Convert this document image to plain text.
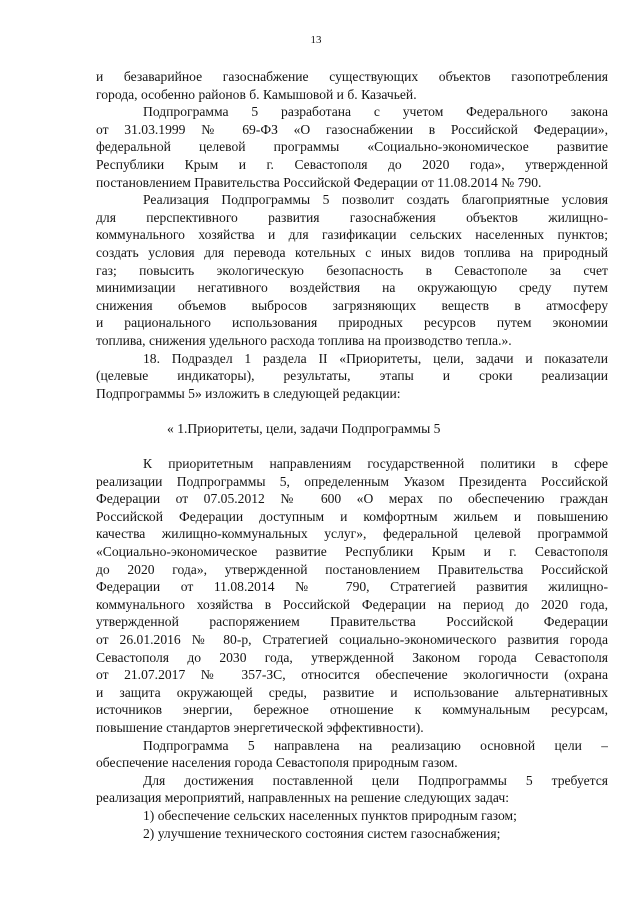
13
и безаварийное газоснабжение существующих объектов газопотребления
города, особенно районов б. Камышовой и б. Казачьей.
Подпрограмма 5 разработана с учетом Федерального закона
от 31.03.1999 № 69-ФЗ «О газоснабжении в Российской Федерации»,
федеральной целевой программы «Социально-экономическое развитие
Республики Крым и г. Севастополя до 2020 года», утвержденной
постановлением Правительства Российской Федерации от 11.08.2014 № 790.
Реализация Подпрограммы 5 позволит создать благоприятные условия
для перспективного развития газоснабжения объектов жилищно-
коммунального хозяйства и для газификации сельских населенных пунктов;
создать условия для перевода котельных с иных видов топлива на природный
газ; повысить экологическую безопасность в Севастополе за счет
минимизации негативного воздействия на окружающую среду путем
снижения объемов выбросов загрязняющих веществ в атмосферу
и рационального использования природных ресурсов путем экономии
топлива, снижения удельного расхода топлива на производство тепла.».
18. Подраздел 1 раздела II «Приоритеты, цели, задачи и показатели
(целевые индикаторы), результаты, этапы и сроки реализации
Подпрограммы 5» изложить в следующей редакции:
« 1.Приоритеты, цели, задачи Подпрограммы 5
К приоритетным направлениям государственной политики в сфере
реализации Подпрограммы 5, определенным Указом Президента Российской
Федерации от 07.05.2012 № 600 «О мерах по обеспечению граждан
Российской Федерации доступным и комфортным жильем и повышению
качества жилищно-коммунальных услуг», федеральной целевой программой
«Социально-экономическое развитие Республики Крым и г. Севастополя
до 2020 года», утвержденной постановлением Правительства Российской
Федерации от 11.08.2014 № 790, Стратегией развития жилищно-
коммунального хозяйства в Российской Федерации на период до 2020 года,
утвержденной распоряжением Правительства Российской Федерации
от 26.01.2016 № 80-р, Стратегией социально-экономического развития города
Севастополя до 2030 года, утвержденной Законом города Севастополя
от 21.07.2017 № 357-ЗС, относится обеспечение экологичности (охрана
и защита окружающей среды, развитие и использование альтернативных
источников энергии, бережное отношение к коммунальным ресурсам,
повышение стандартов энергетической эффективности).
Подпрограмма 5 направлена на реализацию основной цели –
обеспечение населения города Севастополя природным газом.
Для достижения поставленной цели Подпрограммы 5 требуется
реализация мероприятий, направленных на решение следующих задач:
1) обеспечение сельских населенных пунктов природным газом;
2) улучшение технического состояния систем газоснабжения;
